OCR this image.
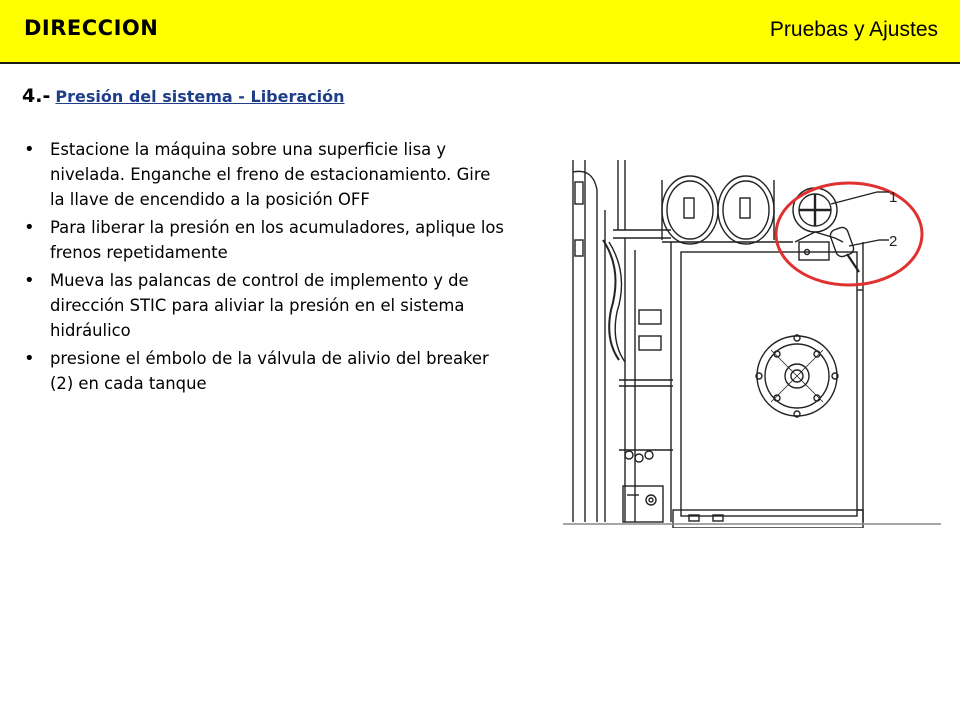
DIRECCION	Pruebas y Ajustes
4.- Presión del sistema - Liberación
• Estacione la máquina sobre una superficie lisa y nivelada. Enganche el freno de estacionamiento. Gire la llave de encendido a la posición OFF
• Para liberar la presión en los acumuladores, aplique los frenos repetidamente
• Mueva las palancas de control de implemento y de dirección STIC para aliviar la presión en el sistema hidráulico
• presione el émbolo de la válvula de alivio del breaker (2) en cada tanque
1
2
